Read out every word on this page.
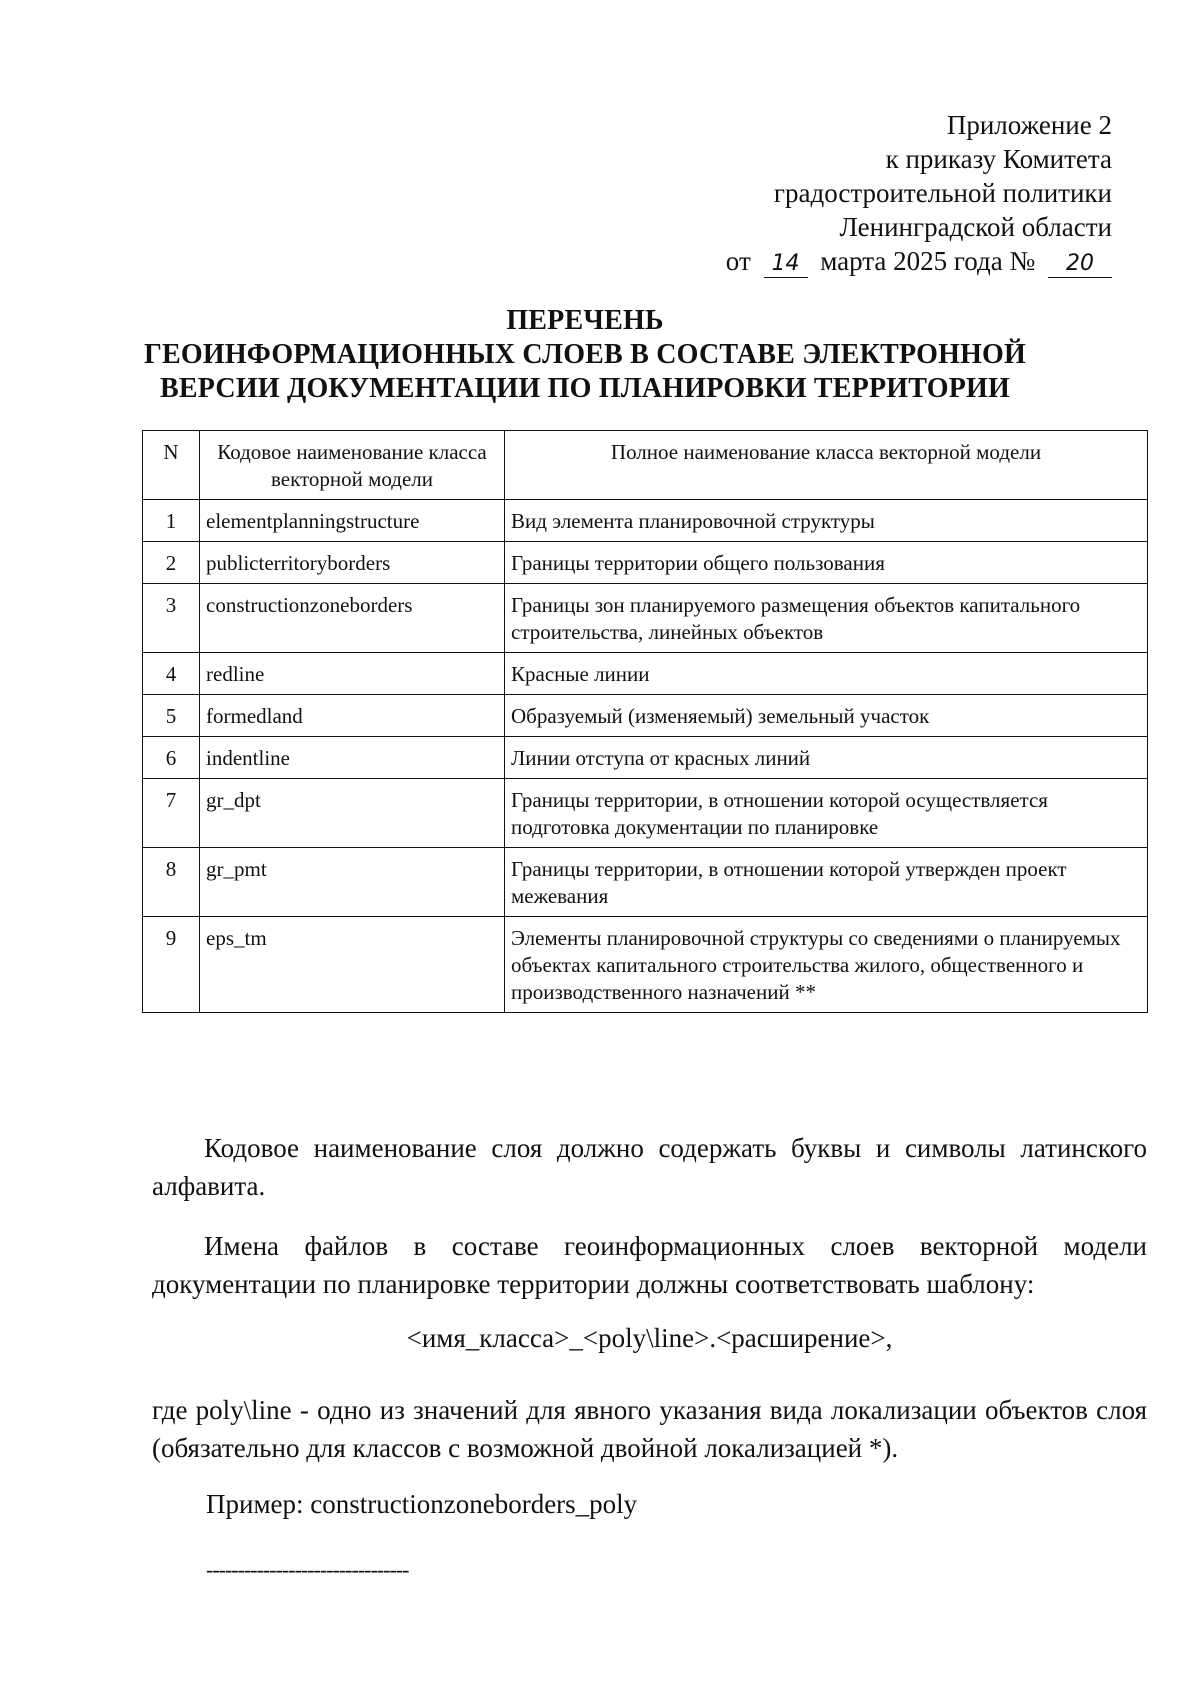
Приложение 2
к приказу Комитета
градостроительной политики
Ленинградской области
от 14 марта 2025 года № 20
ПЕРЕЧЕНЬ
ГЕОИНФОРМАЦИОННЫХ СЛОЕВ В СОСТАВЕ ЭЛЕКТРОННОЙ
ВЕРСИИ ДОКУМЕНТАЦИИ ПО ПЛАНИРОВКИ ТЕРРИТОРИИ
N	Кодовое наименование класса векторной модели	Полное наименование класса векторной модели
1	elementplanningstructure	Вид элемента планировочной структуры
2	publicterritoryborders	Границы территории общего пользования
3	constructionzoneborders	Границы зон планируемого размещения объектов капитального строительства, линейных объектов
4	redline	Красные линии
5	formedland	Образуемый (изменяемый) земельный участок
6	indentline	Линии отступа от красных линий
7	gr_dpt	Границы территории, в отношении которой осуществляется подготовка документации по планировке
8	gr_pmt	Границы территории, в отношении которой утвержден проект межевания
9	eps_tm	Элементы планировочной структуры со сведениями о планируемых объектах капитального строительства жилого, общественного и производственного назначений **

Кодовое наименование слоя должно содержать буквы и символы латинского алфавита.

Имена файлов в составе геоинформационных слоев векторной модели документации по планировке территории должны соответствовать шаблону:

<имя_класса>_<poly\line>.<расширение>,

где poly\line - одно из значений для явного указания вида локализации объектов слоя (обязательно для классов с возможной двойной локализацией *).

Пример: constructionzoneborders_poly
--------------------------------
